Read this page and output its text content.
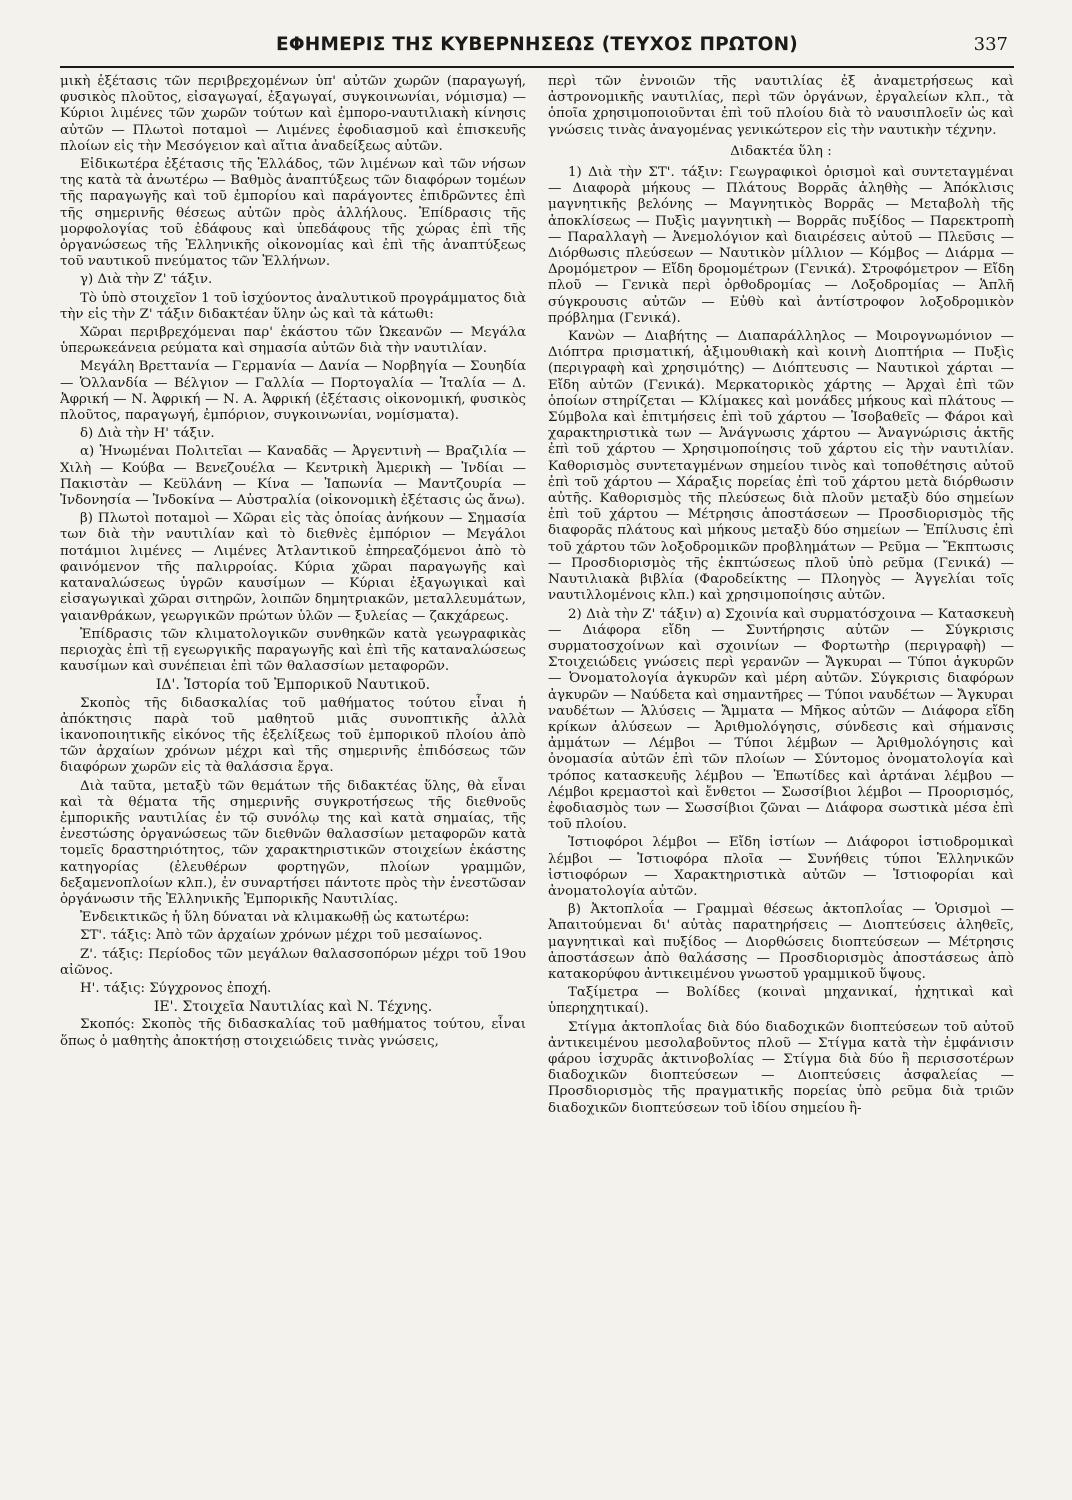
ΕΦΗΜΕΡΙΣ ΤΗΣ ΚΥΒΕΡΝΗΣΕΩΣ (ΤΕΥΧΟΣ ΠΡΩΤΟΝ)	337

μικὴ ἐξέτασις τῶν περιβρεχομένων ὑπ' αὐτῶν χωρῶν (παραγωγή, φυσικὸς πλοῦτος, εἰσαγωγαί, ἐξαγωγαί, συγκοινωνίαι, νόμισμα) — Κύριοι λιμένες τῶν χωρῶν τούτων καὶ ἐμπορο-ναυτιλιακὴ κίνησις αὐτῶν — Πλωτοὶ ποταμοὶ — Λιμένες ἐφοδιασμοῦ καὶ ἐπισκευῆς πλοίων εἰς τὴν Μεσόγειον καὶ αἴτια ἀναδείξεως αὐτῶν.

Εἰδικωτέρα ἐξέτασις τῆς Ἑλλάδος, τῶν λιμένων καὶ τῶν νήσων της κατὰ τὰ ἀνωτέρω — Βαθμὸς ἀναπτύξεως τῶν διαφόρων τομέων τῆς παραγωγῆς καὶ τοῦ ἐμπορίου καὶ παράγοντες ἐπιδρῶντες ἐπὶ τῆς σημερινῆς θέσεως αὐτῶν πρὸς ἀλλήλους. Ἐπίδρασις τῆς μορφολογίας τοῦ ἐδάφους καὶ ὑπεδάφους τῆς χώρας ἐπὶ τῆς ὀργανώσεως τῆς Ἑλληνικῆς οἰκονομίας καὶ ἐπὶ τῆς ἀναπτύξεως τοῦ ναυτικοῦ πνεύματος τῶν Ἑλλήνων.

γ) Διὰ τὴν Ζ' τάξιν.

Τὸ ὑπὸ στοιχεῖον 1 τοῦ ἰσχύοντος ἀναλυτικοῦ προγράμματος διὰ τὴν εἰς τὴν Ζ' τάξιν διδακτέαν ὕλην ὡς καὶ τὰ κάτωθι:

Χῶραι περιβρεχόμεναι παρ' ἑκάστου τῶν Ὠκεανῶν — Μεγάλα ὑπερωκεάνεια ρεύματα καὶ σημασία αὐτῶν διὰ τὴν ναυτιλίαν.

Μεγάλη Βρεττανία — Γερμανία — Δανία — Νορβηγία — Σουηδία — Ὁλλανδία — Βέλγιον — Γαλλία — Πορτογαλία — Ἰταλία — Δ. Ἀφρική — Ν. Ἀφρική — Ν. Α. Ἀφρική (ἐξέτασις οἰκονομική, φυσικὸς πλοῦτος, παραγωγή, ἐμπόριον, συγκοινωνίαι, νομίσματα).

δ) Διὰ τὴν Η' τάξιν.

α) Ἡνωμέναι Πολιτεῖαι — Καναδᾶς — Ἀργεντινὴ — Βραζιλία — Χιλὴ — Κούβα — Βενεζουέλα — Κεντρικὴ Ἀμερικὴ — Ἰνδίαι — Πακιστὰν — Κεϋλάνη — Κίνα — Ἰαπωνία — Μαντζουρία — Ἰνδονησία — Ἰνδοκίνα — Αὐστραλία (οἰκονομικὴ ἐξέτασις ὡς ἄνω).

β) Πλωτοὶ ποταμοὶ — Χῶραι εἰς τὰς ὁποίας ἀνήκουν — Σημασία των διὰ τὴν ναυτιλίαν καὶ τὸ διεθνὲς ἐμπόριον — Μεγάλοι ποτάμιοι λιμένες — Λιμένες Ἀτλαντικοῦ ἐπηρεαζόμενοι ἀπὸ τὸ φαινόμενον τῆς παλιρροίας. Κύρια χῶραι παραγωγῆς καὶ καταναλώσεως ὑγρῶν καυσίμων — Κύριαι ἐξαγωγικαὶ καὶ εἰσαγωγικαὶ χῶραι σιτηρῶν, λοιπῶν δημητριακῶν, μεταλλευμάτων, γαιανθράκων, γεωργικῶν πρώτων ὑλῶν — ξυλείας — ζακχάρεως.

Ἐπίδρασις τῶν κλιματολογικῶν συνθηκῶν κατὰ γεωγραφικὰς περιοχὰς ἐπὶ τῇ εγεωργικῆς παραγωγῆς καὶ ἐπὶ τῆς καταναλώσεως καυσίμων καὶ συνέπειαι ἐπὶ τῶν θαλασσίων μεταφορῶν.

ΙΔ'. Ἱστορία τοῦ Ἐμπορικοῦ Ναυτικοῦ.

Σκοπὸς τῆς διδασκαλίας τοῦ μαθήματος τούτου εἶναι ἡ ἀπόκτησις παρὰ τοῦ μαθητοῦ μιᾶς συνοπτικῆς ἀλλὰ ἱκανοποιητικῆς εἰκόνος τῆς ἐξελίξεως τοῦ ἐμπορικοῦ πλοίου ἀπὸ τῶν ἀρχαίων χρόνων μέχρι καὶ τῆς σημερινῆς ἐπιδόσεως τῶν διαφόρων χωρῶν εἰς τὰ θαλάσσια ἔργα.

Διὰ ταῦτα, μεταξὺ τῶν θεμάτων τῆς διδακτέας ὕλης, θὰ εἶναι καὶ τὰ θέματα τῆς σημερινῆς συγκροτήσεως τῆς διεθνοῦς ἐμπορικῆς ναυτιλίας ἐν τῷ συνόλῳ της καὶ κατὰ σημαίας, τῆς ἐνεστώσης ὀργανώσεως τῶν διεθνῶν θαλασσίων μεταφορῶν κατὰ τομεῖς δραστηριότητος, τῶν χαρακτηριστικῶν στοιχείων ἑκάστης κατηγορίας (ἐλευθέρων φορτηγῶν, πλοίων γραμμῶν, δεξαμενοπλοίων κλπ.), ἐν συναρτήσει πάντοτε πρὸς τὴν ἐνεστῶσαν ὀργάνωσιν τῆς Ἑλληνικῆς Ἐμπορικῆς Ναυτιλίας.

Ἐνδεικτικῶς ἡ ὕλη δύναται νὰ κλιμακωθῇ ὡς κατωτέρω:

ΣΤ'. τάξις: Ἀπὸ τῶν ἀρχαίων χρόνων μέχρι τοῦ μεσαίωνος.

Ζ'. τάξις: Περίοδος τῶν μεγάλων θαλασσοπόρων μέχρι τοῦ 19ου αἰῶνος.

Η'. τάξις: Σύγχρονος ἐποχή.

ΙΕ'. Στοιχεῖα Ναυτιλίας καὶ Ν. Τέχνης.

Σκοπός: Σκοπὸς τῆς διδασκαλίας τοῦ μαθήματος τούτου, εἶναι ὅπως ὁ μαθητὴς ἀποκτήσῃ στοιχειώδεις τινὰς γνώσεις,

περὶ τῶν ἐννοιῶν τῆς ναυτιλίας ἐξ ἀναμετρήσεως καὶ ἀστρονομικῆς ναυτιλίας, περὶ τῶν ὀργάνων, ἐργαλείων κλπ., τὰ ὁποῖα χρησιμοποιοῦνται ἐπὶ τοῦ πλοίου διὰ τὸ ναυσιπλοεῖν ὡς καὶ γνώσεις τινὰς ἀναγομένας γενικώτερον εἰς τὴν ναυτικὴν τέχνην.

Διδακτέα ὕλη :

1) Διὰ τὴν ΣΤ'. τάξιν: Γεωγραφικοὶ ὁρισμοὶ καὶ συντεταγμέναι — Διαφορὰ μήκους — Πλάτους Βορρᾶς ἀληθὴς — Ἀπόκλισις μαγνητικῆς βελόνης — Μαγνητικὸς Βορρᾶς — Μεταβολὴ τῆς ἀποκλίσεως — Πυξὶς μαγνητικὴ — Βορρᾶς πυξίδος — Παρεκτροπὴ — Παραλλαγὴ — Ἀνεμολόγιον καὶ διαιρέσεις αὐτοῦ — Πλεῦσις — Διόρθωσις πλεύσεων — Ναυτικὸν μίλλιον — Κόμβος — Διάρμα — Δρομόμετρον — Εἴδη δρομομέτρων (Γενικά). Στροφόμετρον — Εἴδη πλοῦ — Γενικὰ περὶ ὀρθοδρομίας — Λοξοδρομίας — Ἁπλῆ σύγκρουσις αὐτῶν — Εὐθὺ καὶ ἀντίστροφον λοξοδρομικὸν πρόβλημα (Γενικά).

Κανὼν — Διαβήτης — Διαπαράλληλος — Μοιρογνωμόνιον — Διόπτρα πρισματική, ἀξιμουθιακὴ καὶ κοινὴ Διοπτήρια — Πυξὶς (περιγραφὴ καὶ χρησιμότης) — Διόπτευσις — Ναυτικοὶ χάρται — Εἴδη αὐτῶν (Γενικά). Μερκατορικὸς χάρτης — Ἀρχαὶ ἐπὶ τῶν ὁποίων στηρίζεται — Κλίμακες καὶ μονάδες μήκους καὶ πλάτους — Σύμβολα καὶ ἐπιτμήσεις ἐπὶ τοῦ χάρτου — Ἰσοβαθεῖς — Φάροι καὶ χαρακτηριστικὰ των — Ἀνάγνωσις χάρτου — Ἀναγνώρισις ἀκτῆς ἐπὶ τοῦ χάρτου — Χρησιμοποίησις τοῦ χάρτου εἰς τὴν ναυτιλίαν. Καθορισμὸς συντεταγμένων σημείου τινὸς καὶ τοποθέτησις αὐτοῦ ἐπὶ τοῦ χάρτου — Χάραξις πορείας ἐπὶ τοῦ χάρτου μετὰ διόρθωσιν αὐτῆς. Καθορισμὸς τῆς πλεύσεως διὰ πλοῦν μεταξὺ δύο σημείων ἐπὶ τοῦ χάρτου — Μέτρησις ἀποστάσεων — Προσδιορισμὸς τῆς διαφορᾶς πλάτους καὶ μήκους μεταξὺ δύο σημείων — Ἐπίλυσις ἐπὶ τοῦ χάρτου τῶν λοξοδρομικῶν προβλημάτων — Ρεῦμα — Ἔκπτωσις — Προσδιορισμὸς τῆς ἐκπτώσεως πλοῦ ὑπὸ ρεῦμα (Γενικά) — Ναυτιλιακὰ βιβλία (Φαροδείκτης — Πλοηγὸς — Ἀγγελίαι τοῖς ναυτιλλομένοις κλπ.) καὶ χρησιμοποίησις αὐτῶν.

2) Διὰ τὴν Ζ' τάξιν) α) Σχοινία καὶ συρματόσχοινα — Κατασκευὴ — Διάφορα εἴδη — Συντήρησις αὐτῶν — Σύγκρισις συρματοσχοίνων καὶ σχοινίων — Φορτωτὴρ (περιγραφὴ) — Στοιχειώδεις γνώσεις περὶ γερανῶν — Ἄγκυραι — Τύποι ἀγκυρῶν — Ὀνοματολογία ἀγκυρῶν καὶ μέρη αὐτῶν. Σύγκρισις διαφόρων ἀγκυρῶν — Ναύδετα καὶ σημαντῆρες — Τύποι ναυδέτων — Ἄγκυραι ναυδέτων — Ἁλύσεις — Ἄμματα — Μῆκος αὐτῶν — Διάφορα εἴδη κρίκων ἁλύσεων — Ἀριθμολόγησις, σύνδεσις καὶ σήμανσις ἀμμάτων — Λέμβοι — Τύποι λέμβων — Ἀριθμολόγησις καὶ ὀνομασία αὐτῶν ἐπὶ τῶν πλοίων — Σύντομος ὀνοματολογία καὶ τρόπος κατασκευῆς λέμβου — Ἐπωτίδες καὶ ἀρτάναι λέμβου — Λέμβοι κρεμαστοὶ καὶ ἔνθετοι — Σωσσίβιοι λέμβοι — Προορισμός, ἐφοδιασμὸς των — Σωσσίβιοι ζῶναι — Διάφορα σωστικὰ μέσα ἐπὶ τοῦ πλοίου.

Ἱστιοφόροι λέμβοι — Εἴδη ἱστίων — Διάφοροι ἱστιοδρομικαὶ λέμβοι — Ἱστιοφόρα πλοῖα — Συνήθεις τύποι Ἑλληνικῶν ἱστιοφόρων — Χαρακτηριστικὰ αὐτῶν — Ἱστιοφορίαι καὶ ἀνοματολογία αὐτῶν.

β) Ἀκτοπλοΐα — Γραμμαὶ θέσεως ἀκτοπλοΐας — Ὁρισμοὶ — Ἀπαιτούμεναι δι' αὐτὰς παρατηρήσεις — Διοπτεύσεις ἀληθεῖς, μαγνητικαὶ καὶ πυξίδος — Διορθώσεις διοπτεύσεων — Μέτρησις ἀποστάσεων ἀπὸ θαλάσσης — Προσδιορισμὸς ἀποστάσεως ἀπὸ κατακορύφου ἀντικειμένου γνωστοῦ γραμμικοῦ ὕψους.

Ταξίμετρα — Βολίδες (κοιναὶ μηχανικαί, ἠχητικαὶ καὶ ὑπερηχητικαί).

Στίγμα ἀκτοπλοΐας διὰ δύο διαδοχικῶν διοπτεύσεων τοῦ αὐτοῦ ἀντικειμένου μεσολαβοῦντος πλοῦ — Στίγμα κατὰ τὴν ἐμφάνισιν φάρου ἰσχυρᾶς ἀκτινοβολίας — Στίγμα διὰ δύο ἢ περισσοτέρων διαδοχικῶν διοπτεύσεων — Διοπτεύσεις ἀσφαλείας — Προσδιορισμὸς τῆς πραγματικῆς πορείας ὑπὸ ρεῦμα διὰ τριῶν διαδοχικῶν διοπτεύσεων τοῦ ἰδίου σημείου ἢ-
